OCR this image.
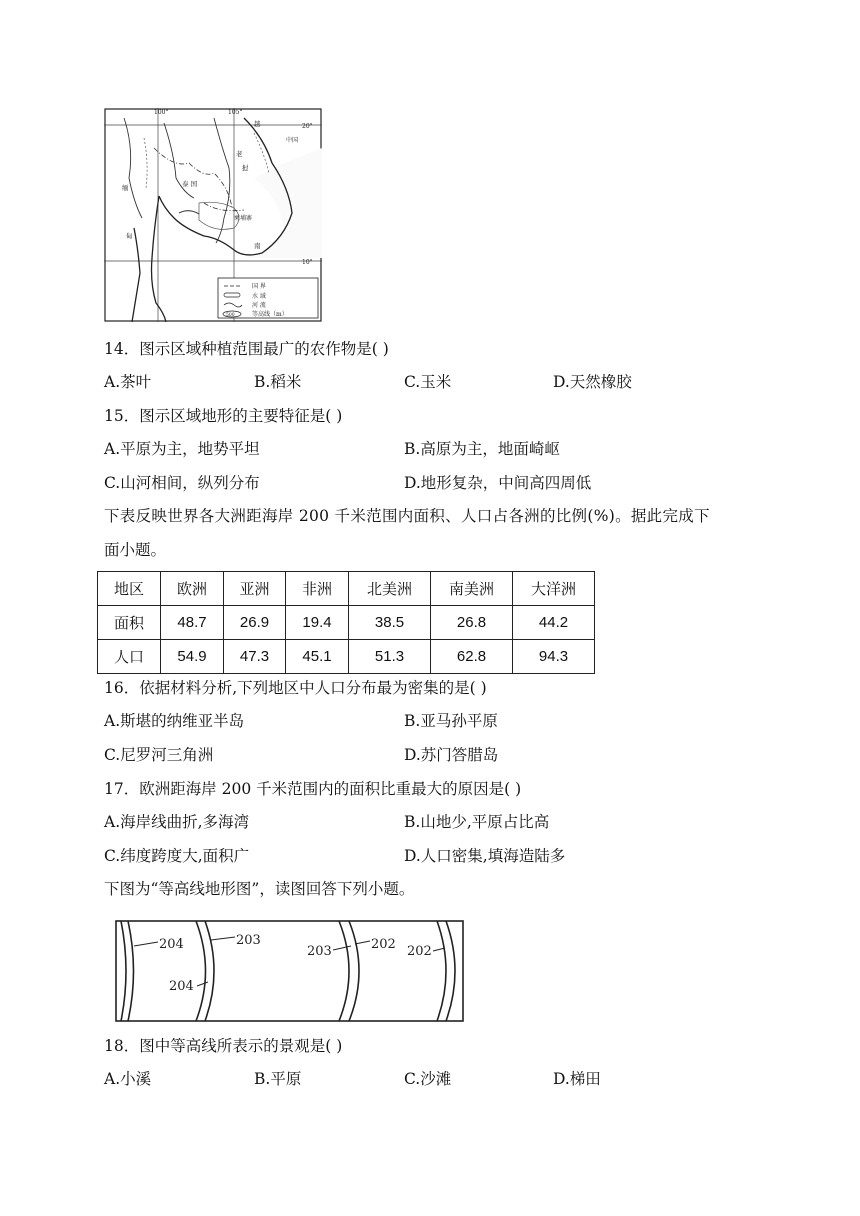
100°	105°
20°
10°
泰 国
柬埔寨
南
缅
甸
老
挝
越
中国
国 界
水 域
河 流
500	等高线（m）
14．图示区域种植范围最广的农作物是( )
A.茶叶	B.稻米	C.玉米	D.天然橡胶
15．图示区域地形的主要特征是( )
A.平原为主，地势平坦	B.高原为主，地面崎岖
C.山河相间，纵列分布	D.地形复杂，中间高四周低
下表反映世界各大洲距海岸 200 千米范围内面积、人口占各洲的比例(%)。据此完成下
面小题。
地区	欧洲	亚洲	非洲	北美洲	南美洲	大洋洲
面积	48.7	26.9	19.4	38.5	26.8	44.2
人口	54.9	47.3	45.1	51.3	62.8	94.3
16．依据材料分析,下列地区中人口分布最为密集的是( )
A.斯堪的纳维亚半岛	B.亚马孙平原
C.尼罗河三角洲	D.苏门答腊岛
17．欧洲距海岸 200 千米范围内的面积比重最大的原因是( )
A.海岸线曲折,多海湾	B.山地少,平原占比高
C.纬度跨度大,面积广	D.人口密集,填海造陆多
下图为“等高线地形图”，读图回答下列小题。
204	203
204
203	202 202
18．图中等高线所表示的景观是( )
A.小溪	B.平原	C.沙滩	D.梯田
